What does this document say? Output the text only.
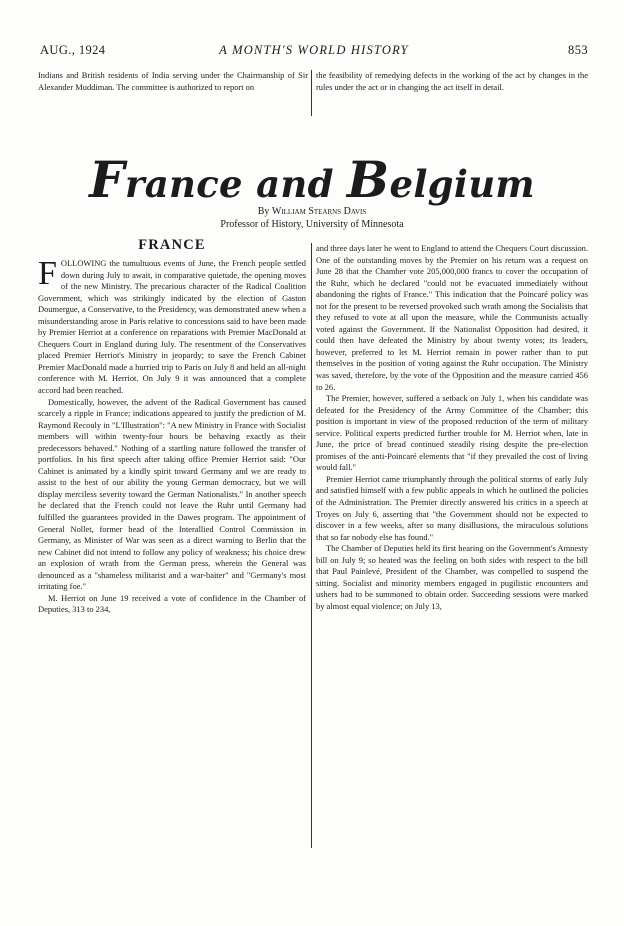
AUG., 1924	A MONTH'S WORLD HISTORY	853

Indians and British residents of India serving under the Chairmanship of Sir Alexander Muddiman. The committee is authorized to report on

the feasibility of remedying defects in the working of the act by changes in the rules under the act or in changing the act itself in detail.

France and Belgium
By William Stearns Davis
Professor of History, University of Minnesota
FRANCE

FOLLOWING the tumultuous events of June, the French people settled down during July to await, in comparative quietude, the opening moves of the new Ministry. The precarious character of the Radical Coalition Government, which was strikingly indicated by the election of Gaston Doumergue, a Conservative, to the Presidency, was demonstrated anew when a misunderstanding arose in Paris relative to concessions said to have been made by Premier Herriot at a conference on reparations with Premier MacDonald at Chequers Court in England during July. The resentment of the Conservatives placed Premier Herriot's Ministry in jeopardy; to save the French Cabinet Premier MacDonald made a hurried trip to Paris on July 8 and held an all-night conference with M. Herriot. On July 9 it was announced that a complete accord had been reached.

Domestically, however, the advent of the Radical Government has caused scarcely a ripple in France; indications appeared to justify the prediction of M. Raymond Recouly in "L'Illustration": "A new Ministry in France with Socialist members will within twenty-four hours be behaving exactly as their predecessors behaved." Nothing of a startling nature followed the transfer of portfolios. In his first speech after taking office Premier Herriot said: "Our Cabinet is animated by a kindly spirit toward Germany and we are ready to assist to the best of our ability the young German democracy, but we will display merciless severity toward the German Nationalists." In another speech he declared that the French could not leave the Ruhr until Germany had fulfilled the guarantees provided in the Dawes program. The appointment of General Nollet, former head of the Interallied Control Commission in Germany, as Minister of War was seen as a direct warning to Berlin that the new Cabinet did not intend to follow any policy of weakness; his choice drew an explosion of wrath from the German press, wherein the General was denounced as a "shameless militarist and a war-baiter" and "Germany's most irritating foe."

M. Herriot on June 19 received a vote of confidence in the Chamber of Deputies, 313 to 234,

and three days later he went to England to attend the Chequers Court discussion. One of the outstanding moves by the Premier on his return was a request on June 28 that the Chamber vote 205,000,000 francs to cover the occupation of the Ruhr, which he declared "could not be evacuated immediately without abandoning the rights of France." This indication that the Poincaré policy was not for the present to be reversed provoked such wrath among the Socialists that they refused to vote at all upon the measure, while the Communists actually voted against the Government. If the Nationalist Opposition had desired, it could then have defeated the Ministry by about twenty votes; its leaders, however, preferred to let M. Herriot remain in power rather than to put themselves in the position of voting against the Ruhr occupation. The Ministry was saved, therefore, by the vote of the Opposition and the measure carried 456 to 26.

The Premier, however, suffered a setback on July 1, when his candidate was defeated for the Presidency of the Army Committee of the Chamber; this position is important in view of the proposed reduction of the term of military service. Political experts predicted further trouble for M. Herriot when, late in June, the price of bread continued steadily rising despite the pre-election promises of the anti-Poincaré elements that "if they prevailed the cost of living would fall."

Premier Herriot came triumphantly through the political storms of early July and satisfied himself with a few public appeals in which he outlined the policies of the Administration. The Premier directly answered his critics in a speech at Troyes on July 6, asserting that "the Government should not be expected to discover in a few weeks, after so many disillusions, the miraculous solutions that so far nobody else has found."

The Chamber of Deputies held its first hearing on the Government's Amnesty bill on July 9; so heated was the feeling on both sides with respect to the bill that Paul Painlevé, President of the Chamber, was compelled to suspend the sitting. Socialist and minority members engaged in pugilistic encounters and ushers had to be summoned to obtain order. Succeeding sessions were marked by almost equal violence; on July 13,
